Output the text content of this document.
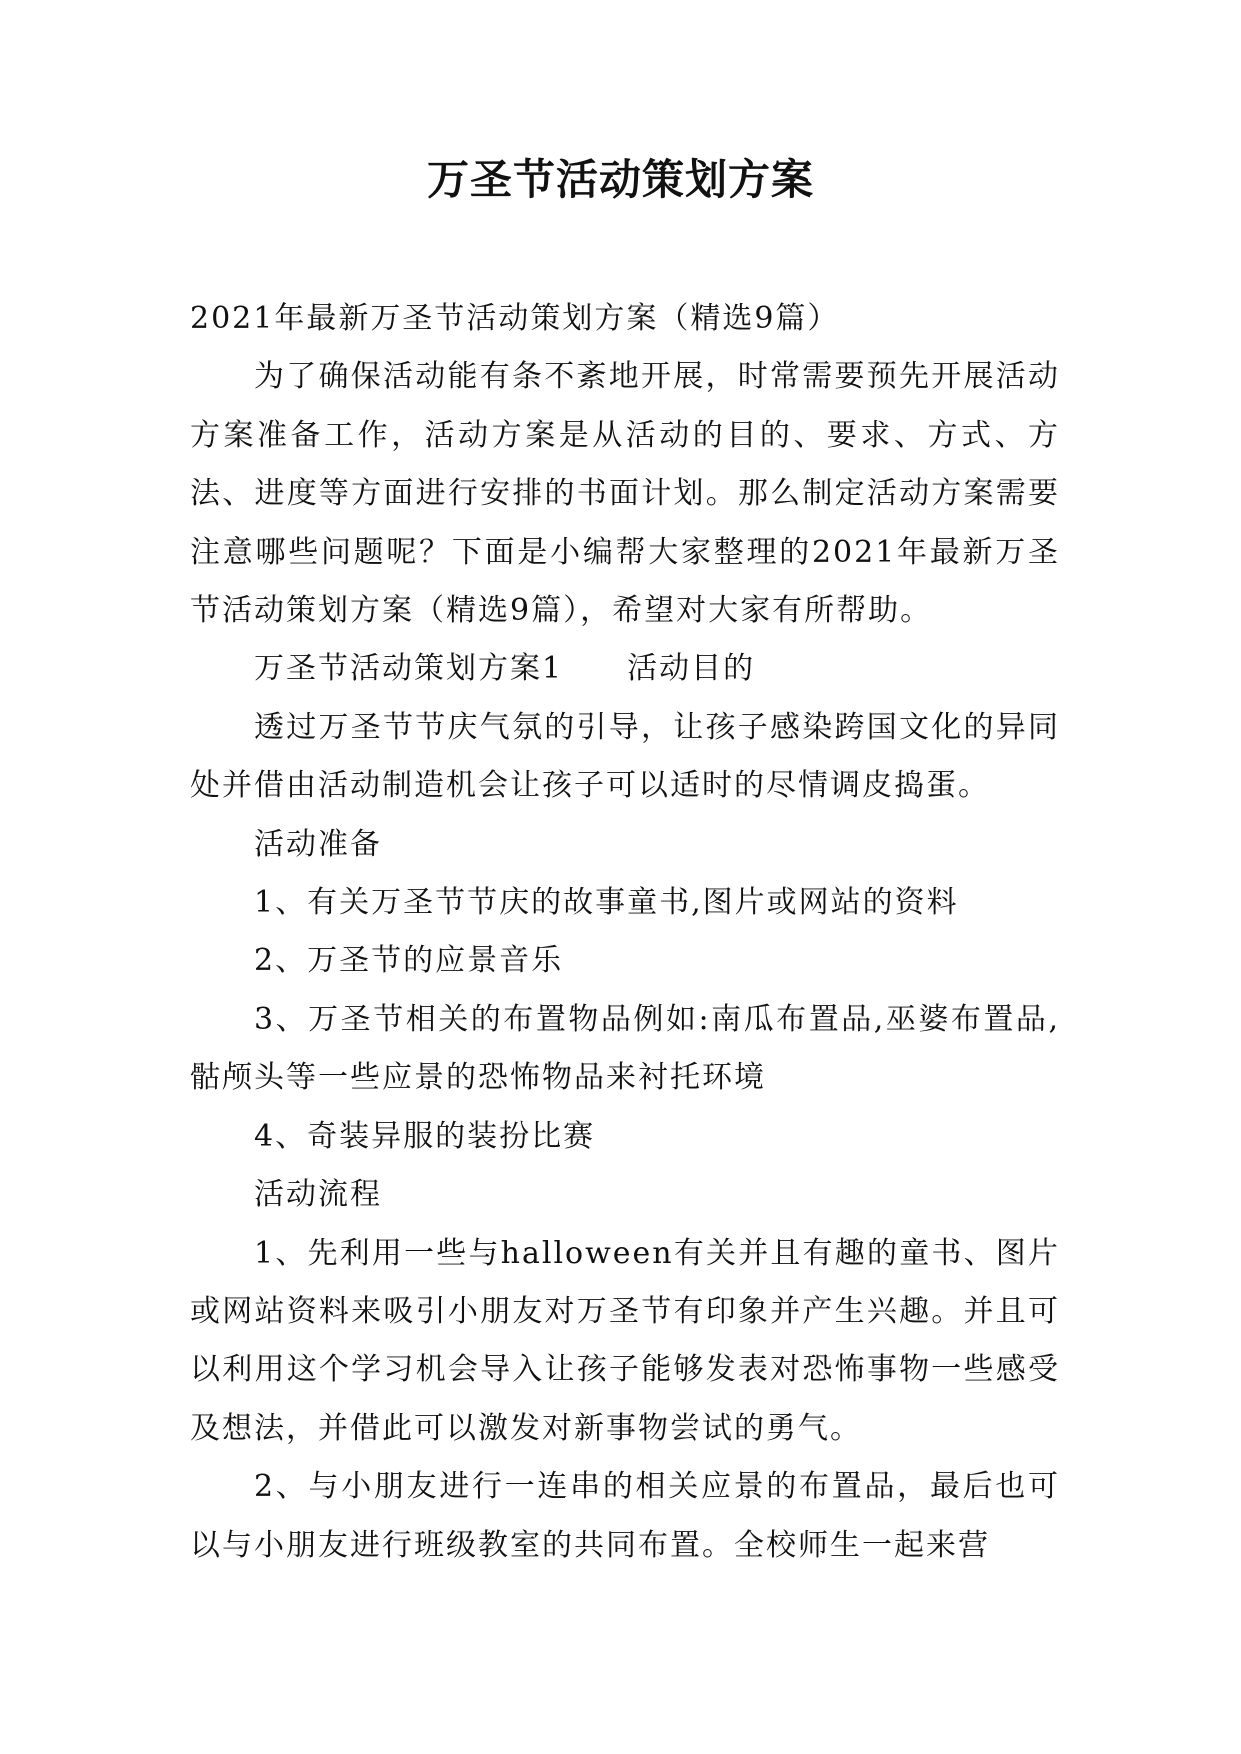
万圣节活动策划方案

2021年最新万圣节活动策划方案（精选9篇）

为了确保活动能有条不紊地开展，时常需要预先开展活动方案准备工作，活动方案是从活动的目的、要求、方式、方法、进度等方面进行安排的书面计划。那么制定活动方案需要注意哪些问题呢？下面是小编帮大家整理的2021年最新万圣节活动策划方案（精选9篇），希望对大家有所帮助。

万圣节活动策划方案1 活动目的

透过万圣节节庆气氛的引导，让孩子感染跨国文化的异同处并借由活动制造机会让孩子可以适时的尽情调皮捣蛋。

活动准备

1、有关万圣节节庆的故事童书,图片或网站的资料

2、万圣节的应景音乐

3、万圣节相关的布置物品例如:南瓜布置品,巫婆布置品,骷颅头等一些应景的恐怖物品来衬托环境

4、奇装异服的装扮比赛

活动流程

1、先利用一些与halloween有关并且有趣的童书、图片或网站资料来吸引小朋友对万圣节有印象并产生兴趣。并且可以利用这个学习机会导入让孩子能够发表对恐怖事物一些感受及想法，并借此可以激发对新事物尝试的勇气。

2、与小朋友进行一连串的相关应景的布置品，最后也可以与小朋友进行班级教室的共同布置。全校师生一起来营
